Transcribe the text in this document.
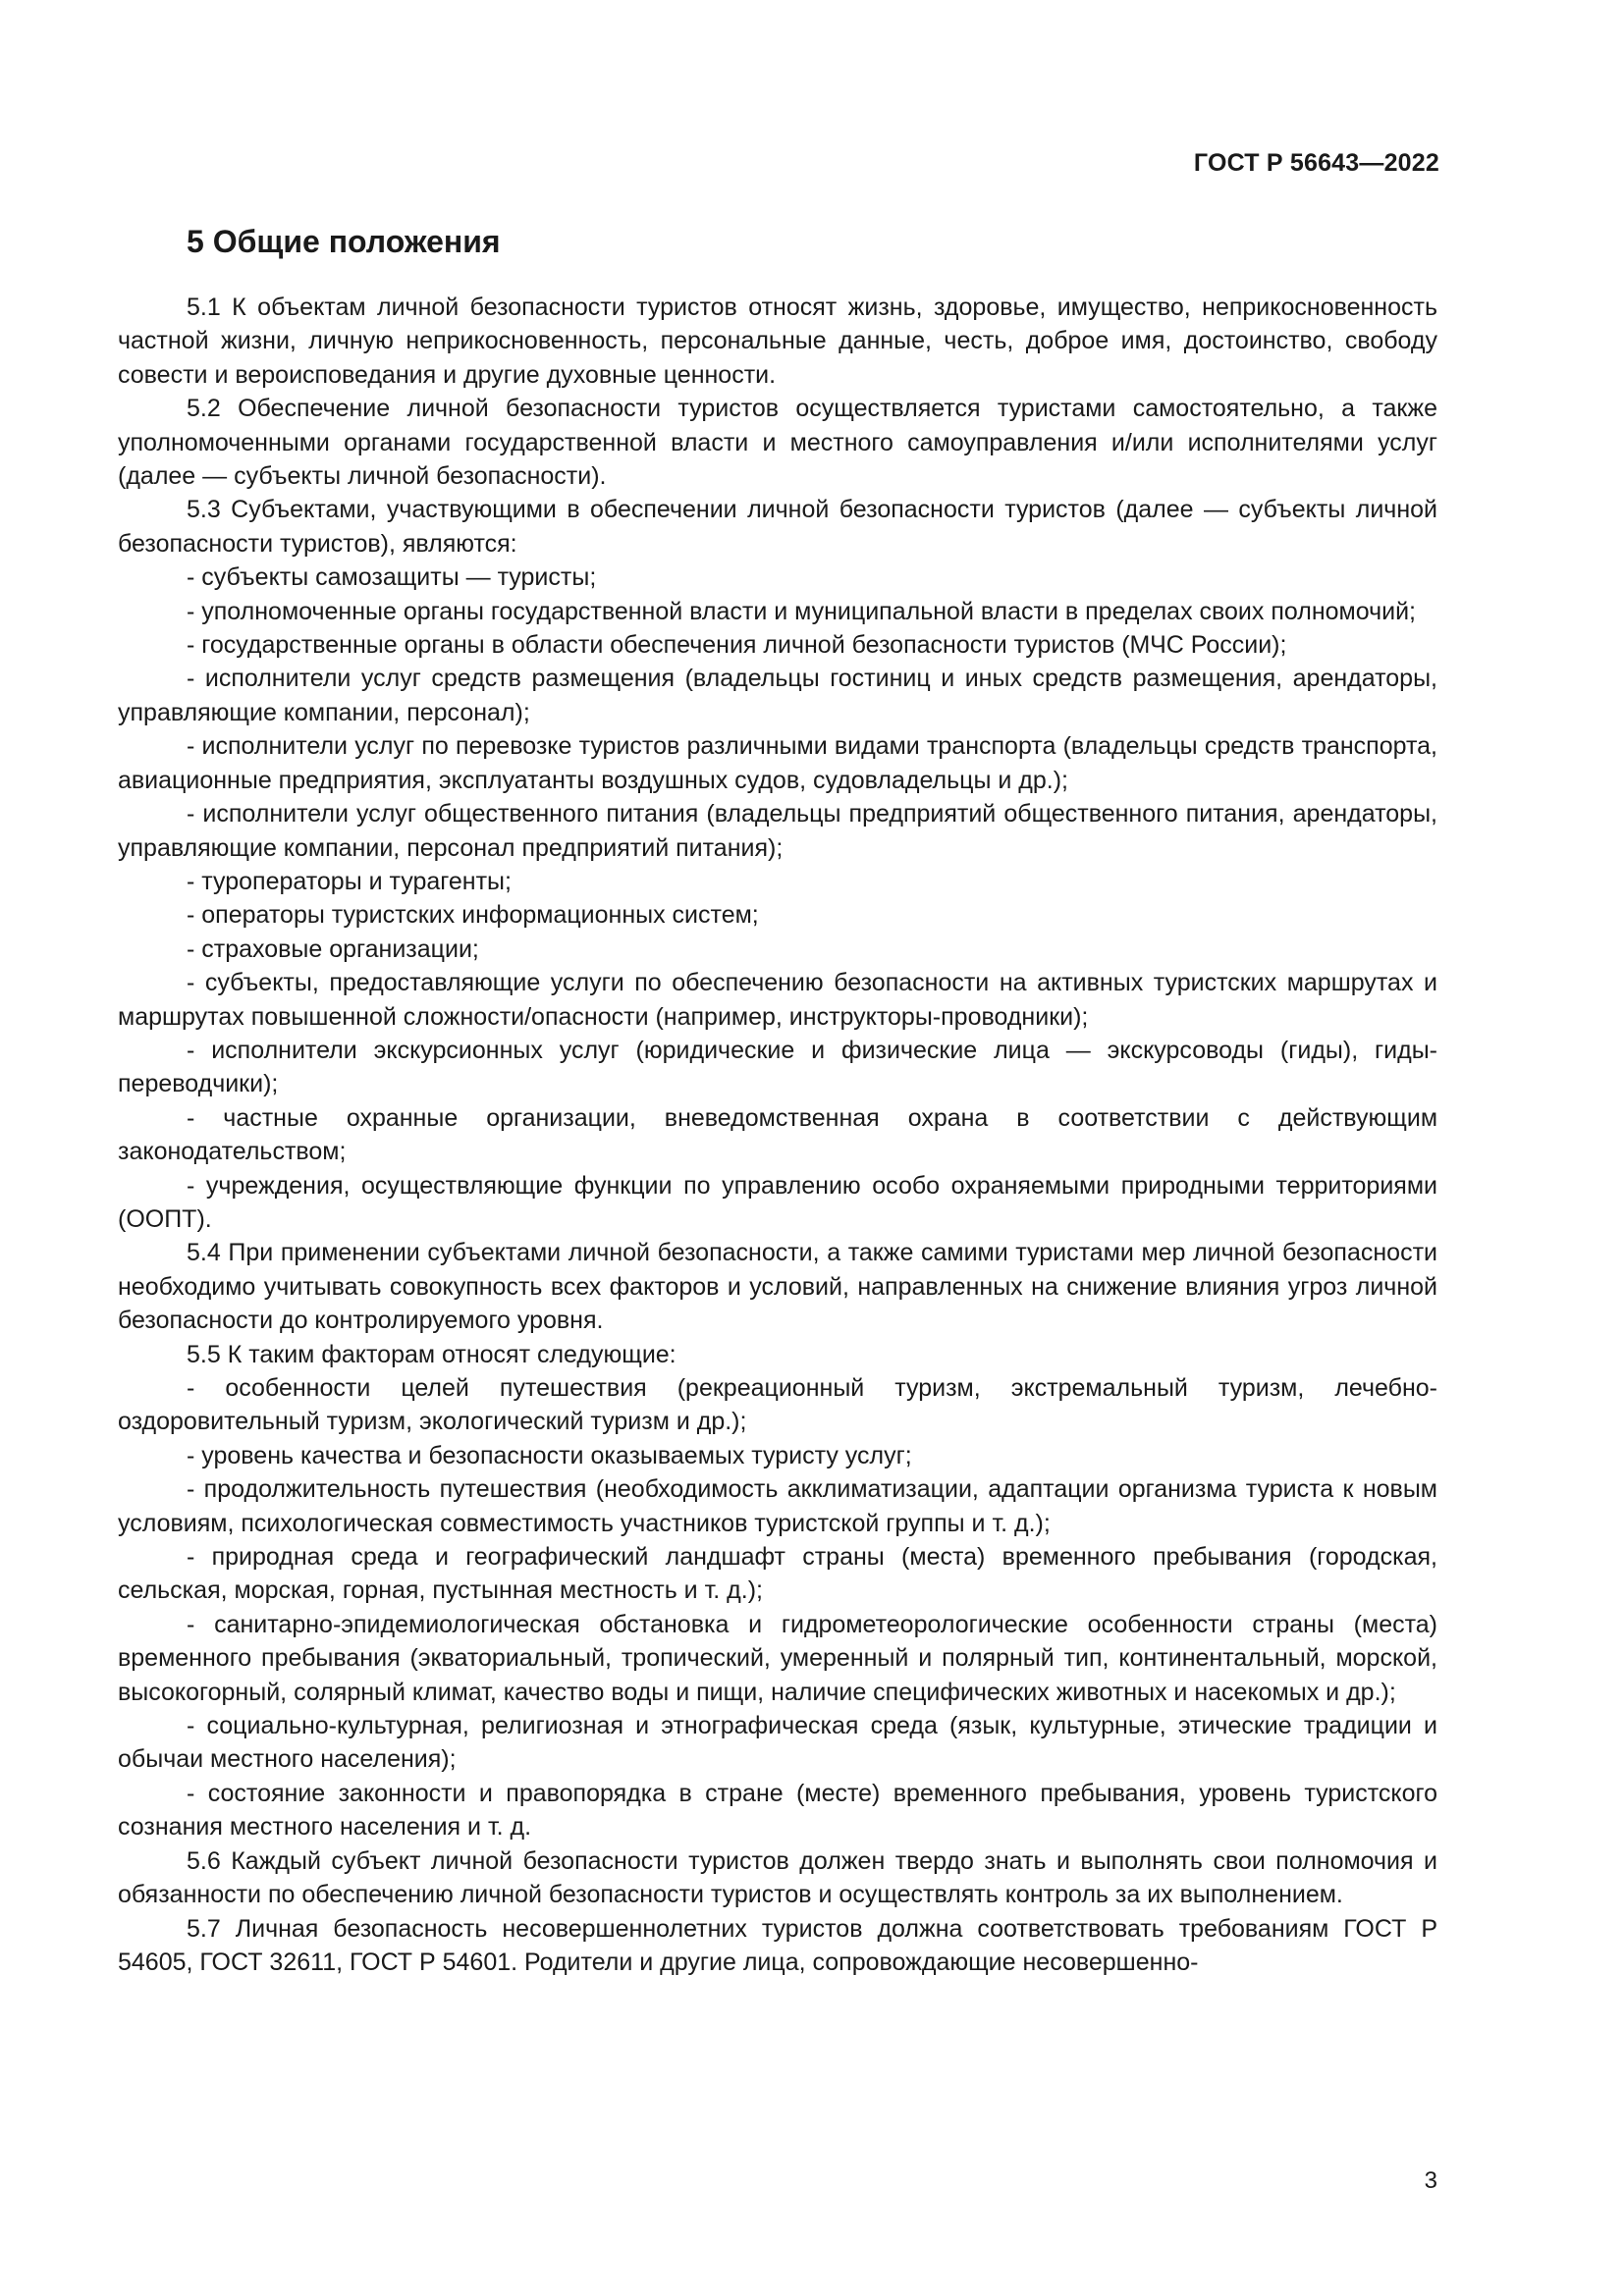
ГОСТ Р 56643—2022
5 Общие положения

5.1 К объектам личной безопасности туристов относят жизнь, здоровье, имущество, неприкосновенность частной жизни, личную неприкосновенность, персональные данные, честь, доброе имя, достоинство, свободу совести и вероисповедания и другие духовные ценности.

5.2 Обеспечение личной безопасности туристов осуществляется туристами самостоятельно, а также уполномоченными органами государственной власти и местного самоуправления и/или исполнителями услуг (далее — субъекты личной безопасности).

5.3 Субъектами, участвующими в обеспечении личной безопасности туристов (далее — субъекты личной безопасности туристов), являются:

- субъекты самозащиты — туристы;

- уполномоченные органы государственной власти и муниципальной власти в пределах своих полномочий;

- государственные органы в области обеспечения личной безопасности туристов (МЧС России);

- исполнители услуг средств размещения (владельцы гостиниц и иных средств размещения, арендаторы, управляющие компании, персонал);

- исполнители услуг по перевозке туристов различными видами транспорта (владельцы средств транспорта, авиационные предприятия, эксплуатанты воздушных судов, судовладельцы и др.);

- исполнители услуг общественного питания (владельцы предприятий общественного питания, арендаторы, управляющие компании, персонал предприятий питания);

- туроператоры и турагенты;

- операторы туристских информационных систем;

- страховые организации;

- субъекты, предоставляющие услуги по обеспечению безопасности на активных туристских маршрутах и маршрутах повышенной сложности/опасности (например, инструкторы-проводники);

- исполнители экскурсионных услуг (юридические и физические лица — экскурсоводы (гиды), гиды-переводчики);

- частные охранные организации, вневедомственная охрана в соответствии с действующим законодательством;

- учреждения, осуществляющие функции по управлению особо охраняемыми природными территориями (ООПТ).

5.4 При применении субъектами личной безопасности, а также самими туристами мер личной безопасности необходимо учитывать совокупность всех факторов и условий, направленных на снижение влияния угроз личной безопасности до контролируемого уровня.

5.5 К таким факторам относят следующие:

- особенности целей путешествия (рекреационный туризм, экстремальный туризм, лечебно-оздоровительный туризм, экологический туризм и др.);

- уровень качества и безопасности оказываемых туристу услуг;

- продолжительность путешествия (необходимость акклиматизации, адаптации организма туриста к новым условиям, психологическая совместимость участников туристской группы и т. д.);

- природная среда и географический ландшафт страны (места) временного пребывания (городская, сельская, морская, горная, пустынная местность и т. д.);

- санитарно-эпидемиологическая обстановка и гидрометеорологические особенности страны (места) временного пребывания (экваториальный, тропический, умеренный и полярный тип, континентальный, морской, высокогорный, солярный климат, качество воды и пищи, наличие специфических животных и насекомых и др.);

- социально-культурная, религиозная и этнографическая среда (язык, культурные, этические традиции и обычаи местного населения);

- состояние законности и правопорядка в стране (месте) временного пребывания, уровень туристского сознания местного населения и т. д.

5.6 Каждый субъект личной безопасности туристов должен твердо знать и выполнять свои полномочия и обязанности по обеспечению личной безопасности туристов и осуществлять контроль за их выполнением.

5.7 Личная безопасность несовершеннолетних туристов должна соответствовать требованиям ГОСТ Р 54605, ГОСТ 32611, ГОСТ Р 54601. Родители и другие лица, сопровождающие несовершенно-

3
